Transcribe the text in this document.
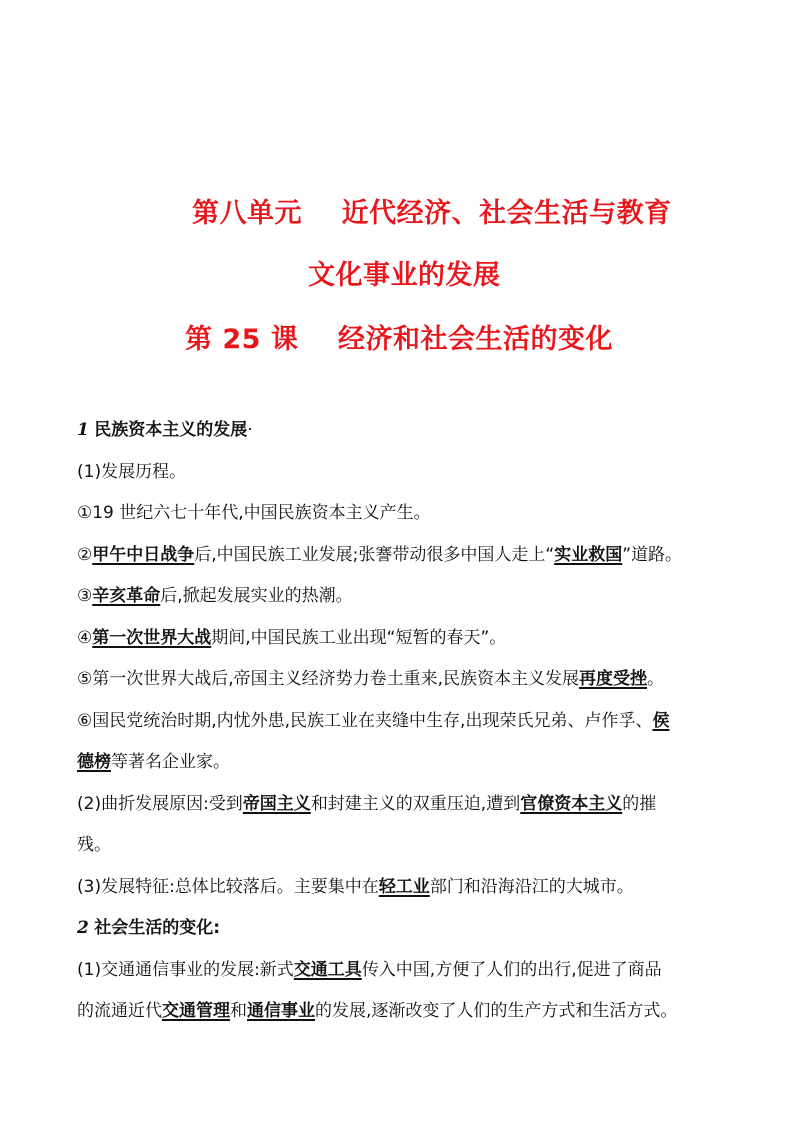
第八单元    近代经济、社会生活与教育
文化事业的发展
第 25 课    经济和社会生活的变化
1 民族资本主义的发展·
(1)发展历程。
①19 世纪六七十年代,中国民族资本主义产生。
②甲午中日战争后,中国民族工业发展;张謇带动很多中国人走上“实业救国”道路。
③辛亥革命后,掀起发展实业的热潮。
④第一次世界大战期间,中国民族工业出现“短暂的春天”。
⑤第一次世界大战后,帝国主义经济势力卷土重来,民族资本主义发展再度受挫。
⑥国民党统治时期,内忧外患,民族工业在夹缝中生存,出现荣氏兄弟、卢作孚、侯
德榜等著名企业家。
(2)曲折发展原因:受到帝国主义和封建主义的双重压迫,遭到官僚资本主义的摧
残。
(3)发展特征:总体比较落后。主要集中在轻工业部门和沿海沿江的大城市。
2 社会生活的变化:
(1)交通通信事业的发展:新式交通工具传入中国,方便了人们的出行,促进了商品
的流通近代交通管理和通信事业的发展,逐渐改变了人们的生产方式和生活方式。
